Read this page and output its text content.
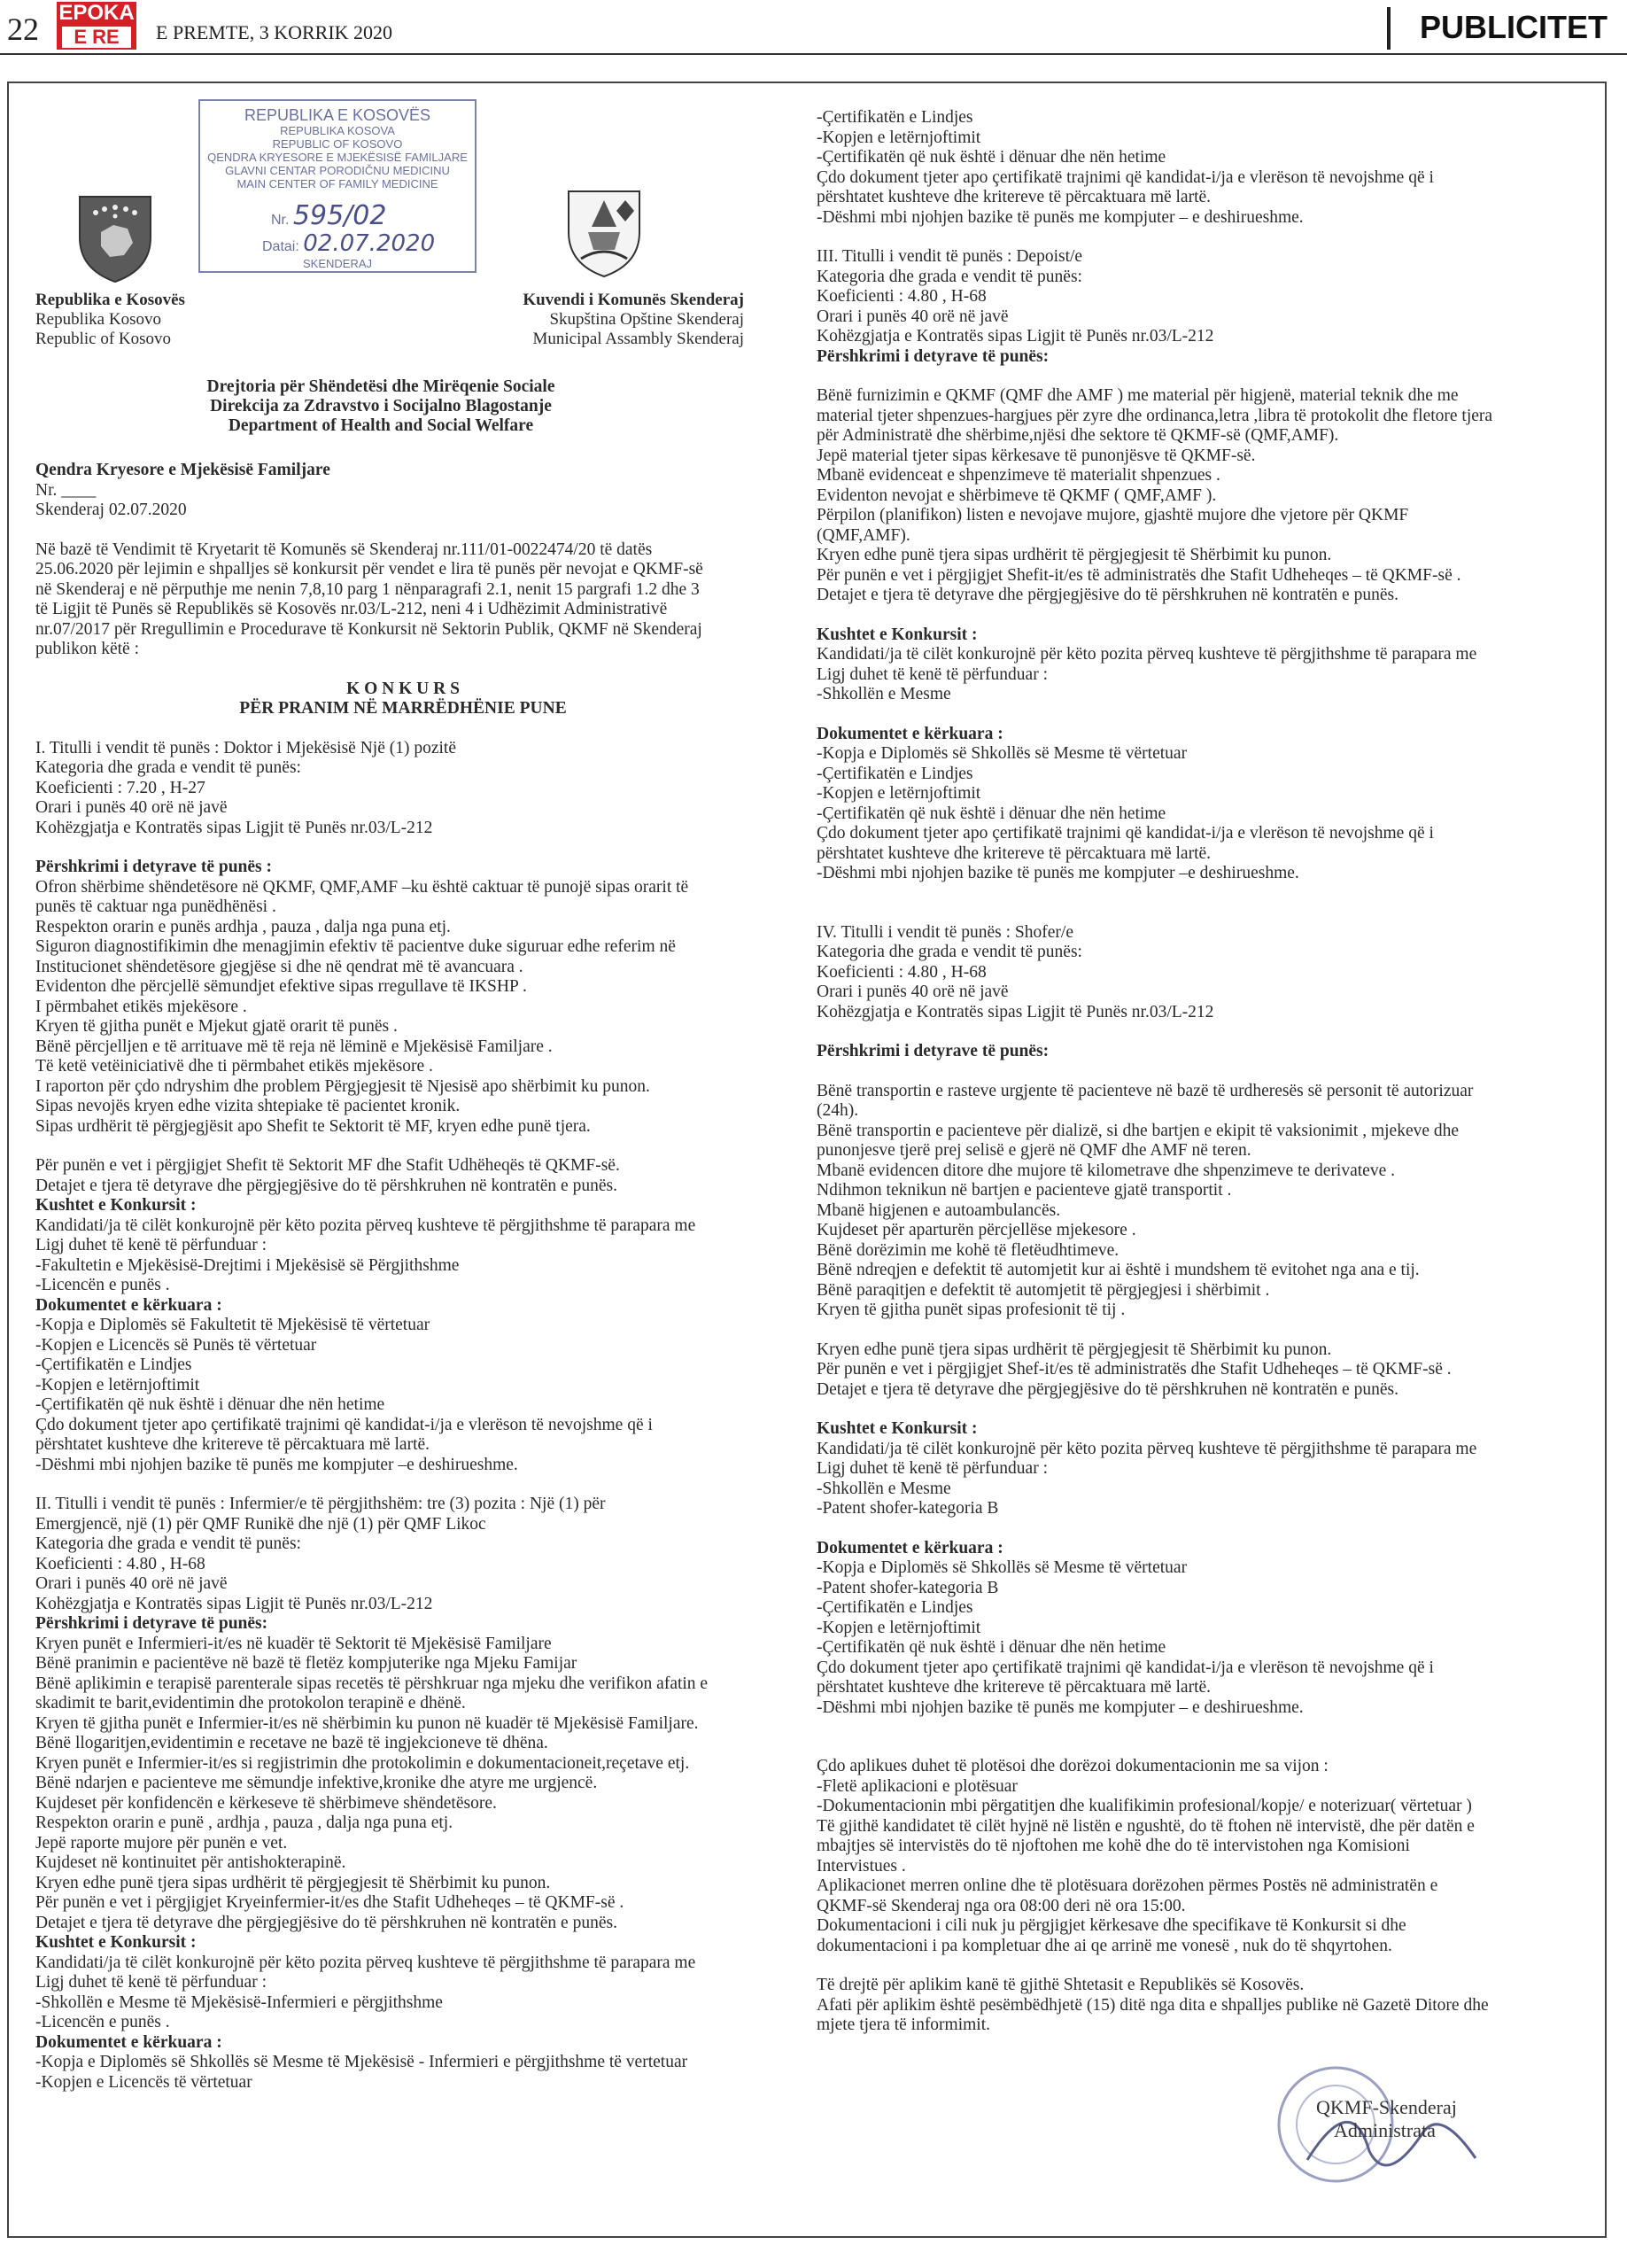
22 EPOKA
E RE	E PREMTE, 3 KORRIK 2020	PUBLICITET
REPUBLIKA E KOSOVËS
REPUBLIKA KOSOVA
REPUBLIC OF KOSOVO
QENDRA KRYESORE E MJEKËSISË FAMILJARE
GLAVNI CENTAR PORODIČNU MEDICINU
MAIN CENTER OF FAMILY MEDICINE
Nr. 595/02
Datai: 02.07.2020
SKENDERAJ

Republika e Kosovës

Republika Kosovo

Republic of Kosovo

Kuvendi i Komunës Skenderaj

Skupština Opštine Skenderaj

Municipal Assambly Skenderaj

Drejtoria për Shëndetësi dhe Mirëqenie Sociale

Direkcija za Zdravstvo i Socijalno Blagostanje

Department of Health and Social Welfare

Qendra Kryesore e Mjekësisë Familjare

Nr. ____

Skenderaj 02.07.2020

Në bazë të Vendimit të Kryetarit të Komunës së Skenderaj nr.111/01-0022474/20 të datës

25.06.2020 për lejimin e shpalljes së konkursit për vendet e lira të punës për nevojat e QKMF-së

në Skenderaj e në përputhje me nenin 7,8,10 parg 1 nënparagrafi 2.1, nenit 15 pargrafi 1.2 dhe 3

të Ligjit të Punës së Republikës së Kosovës nr.03/L-212, neni 4 i Udhëzimit Administrativë

nr.07/2017 për Rregullimin e Procedurave të Konkursit në Sektorin Publik, QKMF në Skenderaj

publikon këtë :

K O N K U R S

PËR PRANIM NË MARRËDHËNIE PUNE

I. Titulli i vendit të punës : Doktor i Mjekësisë Një (1) pozitë

Kategoria dhe grada e vendit të punës:

Koeficienti : 7.20 , H-27

Orari i punës 40 orë në javë

Kohëzgjatja e Kontratës sipas Ligjit të Punës nr.03/L-212

Përshkrimi i detyrave të punës :

Ofron shërbime shëndetësore në QKMF, QMF,AMF –ku është caktuar të punojë sipas orarit të

punës të caktuar nga punëdhënësi .

Respekton orarin e punës ardhja , pauza , dalja nga puna etj.

Siguron diagnostifikimin dhe menagjimin efektiv të pacientve duke siguruar edhe referim në

Institucionet shëndetësore gjegjëse si dhe në qendrat më të avancuara .

Evidenton dhe përcjellë sëmundjet efektive sipas rregullave të IKSHP .

I përmbahet etikës mjekësore .

Kryen të gjitha punët e Mjekut gjatë orarit të punës .

Bënë përcjelljen e të arrituave më të reja në lëminë e Mjekësisë Familjare .

Të ketë vetëiniciativë dhe ti përmbahet etikës mjekësore .

I raporton për çdo ndryshim dhe problem Përgjegjesit të Njesisë apo shërbimit ku punon.

Sipas nevojës kryen edhe vizita shtepiake të pacientet kronik.

Sipas urdhërit të përgjegjësit apo Shefit te Sektorit të MF, kryen edhe punë tjera.

Për punën e vet i përgjigjet Shefit të Sektorit MF dhe Stafit Udhëheqës të QKMF-së.

Detajet e tjera të detyrave dhe përgjegjësive do të përshkruhen në kontratën e punës.

Kushtet e Konkursit :

Kandidati/ja të cilët konkurojnë për këto pozita përveq kushteve të përgjithshme të parapara me

Ligj duhet të kenë të përfunduar :

-Fakultetin e Mjekësisë-Drejtimi i Mjekësisë së Përgjithshme

-Licencën e punës .

Dokumentet e kërkuara :

-Kopja e Diplomës së Fakultetit të Mjekësisë të vërtetuar

-Kopjen e Licencës së Punës të vërtetuar

-Çertifikatën e Lindjes

-Kopjen e letërnjoftimit

-Çertifikatën që nuk është i dënuar dhe nën hetime

Çdo dokument tjeter apo çertifikatë trajnimi që kandidat-i/ja e vlerëson të nevojshme që i

përshtatet kushteve dhe kritereve të përcaktuara më lartë.

-Dëshmi mbi njohjen bazike të punës me kompjuter –e deshirueshme.

II. Titulli i vendit të punës : Infermier/e të përgjithshëm: tre (3) pozita : Një (1) për

Emergjencë, një (1) për QMF Runikë dhe një (1) për QMF Likoc

Kategoria dhe grada e vendit të punës:

Koeficienti : 4.80 , H-68

Orari i punës 40 orë në javë

Kohëzgjatja e Kontratës sipas Ligjit të Punës nr.03/L-212

Përshkrimi i detyrave të punës:

Kryen punët e Infermieri-it/es në kuadër të Sektorit të Mjekësisë Familjare

Bënë pranimin e pacientëve në bazë të fletëz kompjuterike nga Mjeku Famijar

Bënë aplikimin e terapisë parenterale sipas recetës të përshkruar nga mjeku dhe verifikon afatin e

skadimit te barit,evidentimin dhe protokolon terapinë e dhënë.

Kryen të gjitha punët e Infermier-it/es në shërbimin ku punon në kuadër të Mjekësisë Familjare.

Bënë llogaritjen,evidentimin e recetave ne bazë të ingjekcioneve të dhëna.

Kryen punët e Infermier-it/es si regjistrimin dhe protokolimin e dokumentacioneit,reçetave etj.

Bënë ndarjen e pacienteve me sëmundje infektive,kronike dhe atyre me urgjencë.

Kujdeset për konfidencën e kërkeseve të shërbimeve shëndetësore.

Respekton orarin e punë , ardhja , pauza , dalja nga puna etj.

Jepë raporte mujore për punën e vet.

Kujdeset në kontinuitet për antishokterapinë.

Kryen edhe punë tjera sipas urdhërit të përgjegjesit të Shërbimit ku punon.

Për punën e vet i përgjigjet Kryeinfermier-it/es dhe Stafit Udheheqes – të QKMF-së .

Detajet e tjera të detyrave dhe përgjegjësive do të përshkruhen në kontratën e punës.

Kushtet e Konkursit :

Kandidati/ja të cilët konkurojnë për këto pozita përveq kushteve të përgjithshme të parapara me

Ligj duhet të kenë të përfunduar :

-Shkollën e Mesme të Mjekësisë-Infermieri e përgjithshme

-Licencën e punës .

Dokumentet e kërkuara :

-Kopja e Diplomës së Shkollës së Mesme të Mjekësisë - Infermieri e përgjithshme të vertetuar

-Kopjen e Licencës të vërtetuar

-Çertifikatën e Lindjes

-Kopjen e letërnjoftimit

-Çertifikatën që nuk është i dënuar dhe nën hetime

Çdo dokument tjeter apo çertifikatë trajnimi që kandidat-i/ja e vlerëson të nevojshme që i

përshtatet kushteve dhe kritereve të përcaktuara më lartë.

-Dëshmi mbi njohjen bazike të punës me kompjuter – e deshirueshme.

III. Titulli i vendit të punës : Depoist/e

Kategoria dhe grada e vendit të punës:

Koeficienti : 4.80 , H-68

Orari i punës 40 orë në javë

Kohëzgjatja e Kontratës sipas Ligjit të Punës nr.03/L-212

Përshkrimi i detyrave të punës:

Bënë furnizimin e QKMF (QMF dhe AMF ) me material për higjenë, material teknik dhe me

material tjeter shpenzues-hargjues për zyre dhe ordinanca,letra ,libra të protokolit dhe fletore tjera

për Administratë dhe shërbime,njësi dhe sektore të QKMF-së (QMF,AMF).

Jepë material tjeter sipas kërkesave të punonjësve të QKMF-së.

Mbanë evidenceat e shpenzimeve të materialit shpenzues .

Evidenton nevojat e shërbimeve të QKMF ( QMF,AMF ).

Përpilon (planifikon) listen e nevojave mujore, gjashtë mujore dhe vjetore për QKMF

(QMF,AMF).

Kryen edhe punë tjera sipas urdhërit të përgjegjesit të Shërbimit ku punon.

Për punën e vet i përgjigjet Shefit-it/es të administratës dhe Stafit Udheheqes – të QKMF-së .

Detajet e tjera të detyrave dhe përgjegjësive do të përshkruhen në kontratën e punës.

Kushtet e Konkursit :

Kandidati/ja të cilët konkurojnë për këto pozita përveq kushteve të përgjithshme të parapara me

Ligj duhet të kenë të përfunduar :

-Shkollën e Mesme

Dokumentet e kërkuara :

-Kopja e Diplomës së Shkollës së Mesme të vërtetuar

-Çertifikatën e Lindjes

-Kopjen e letërnjoftimit

-Çertifikatën që nuk është i dënuar dhe nën hetime

Çdo dokument tjeter apo çertifikatë trajnimi që kandidat-i/ja e vlerëson të nevojshme që i

përshtatet kushteve dhe kritereve të përcaktuara më lartë.

-Dëshmi mbi njohjen bazike të punës me kompjuter –e deshirueshme.

IV. Titulli i vendit të punës : Shofer/e

Kategoria dhe grada e vendit të punës:

Koeficienti : 4.80 , H-68

Orari i punës 40 orë në javë

Kohëzgjatja e Kontratës sipas Ligjit të Punës nr.03/L-212

Përshkrimi i detyrave të punës:

Bënë transportin e rasteve urgjente të pacienteve në bazë të urdheresës së personit të autorizuar

(24h).

Bënë transportin e pacienteve për dializë, si dhe bartjen e ekipit të vaksionimit , mjekeve dhe

punonjesve tjerë prej selisë e gjerë në QMF dhe AMF në teren.

Mbanë evidencen ditore dhe mujore të kilometrave dhe shpenzimeve te derivateve .

Ndihmon teknikun në bartjen e pacienteve gjatë transportit .

Mbanë higjenen e autoambulancës.

Kujdeset për aparturën përcjellëse mjekesore .

Bënë dorëzimin me kohë të fletëudhtimeve.

Bënë ndreqjen e defektit të automjetit kur ai është i mundshem të evitohet nga ana e tij.

Bënë paraqitjen e defektit të automjetit të përgjegjesi i shërbimit .

Kryen të gjitha punët sipas profesionit të tij .

Kryen edhe punë tjera sipas urdhërit të përgjegjesit të Shërbimit ku punon.

Për punën e vet i përgjigjet Shef-it/es të administratës dhe Stafit Udheheqes – të QKMF-së .

Detajet e tjera të detyrave dhe përgjegjësive do të përshkruhen në kontratën e punës.

Kushtet e Konkursit :

Kandidati/ja të cilët konkurojnë për këto pozita përveq kushteve të përgjithshme të parapara me

Ligj duhet të kenë të përfunduar :

-Shkollën e Mesme

-Patent shofer-kategoria B

Dokumentet e kërkuara :

-Kopja e Diplomës së Shkollës së Mesme të vërtetuar

-Patent shofer-kategoria B

-Çertifikatën e Lindjes

-Kopjen e letërnjoftimit

-Çertifikatën që nuk është i dënuar dhe nën hetime

Çdo dokument tjeter apo çertifikatë trajnimi që kandidat-i/ja e vlerëson të nevojshme që i

përshtatet kushteve dhe kritereve të përcaktuara më lartë.

-Dëshmi mbi njohjen bazike të punës me kompjuter – e deshirueshme.

Çdo aplikues duhet të plotësoi dhe dorëzoi dokumentacionin me sa vijon :

-Fletë aplikacioni e plotësuar

-Dokumentacionin mbi përgatitjen dhe kualifikimin profesional/kopje/ e noterizuar( vërtetuar )

Të gjithë kandidatet të cilët hyjnë në listën e ngushtë, do të ftohen në intervistë, dhe për datën e

mbajtjes së intervistës do të njoftohen me kohë dhe do të intervistohen nga Komisioni

Intervistues .

Aplikacionet merren online dhe të plotësuara dorëzohen përmes Postës në administratën e

QKMF-së Skenderaj nga ora 08:00 deri në ora 15:00.

Dokumentacioni i cili nuk ju përgjigjet kërkesave dhe specifikave të Konkursit si dhe

dokumentacioni i pa kompletuar dhe ai qe arrinë me vonesë , nuk do të shqyrtohen.

Të drejtë për aplikim kanë të gjithë Shtetasit e Republikës së Kosovës.

Afati për aplikim është pesëmbëdhjetë (15) ditë nga dita e shpalljes publike në Gazetë Ditore dhe

mjete tjera të informimit.

QKMF-Skenderaj
Administrata
